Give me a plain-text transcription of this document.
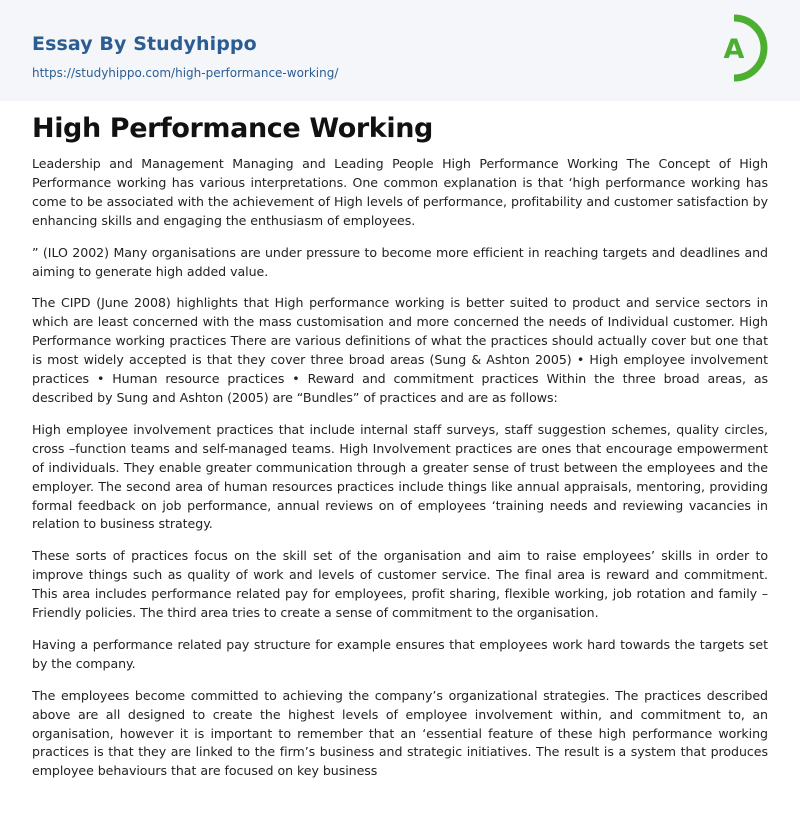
Essay By Studyhippo
https://studyhippo.com/high-performance-working/
A
High Performance Working

Leadership and Management Managing and Leading People High Performance Working The Concept of High Performance working has various interpretations. One common explanation is that ‘high performance working has come to be associated with the achievement of High levels of performance, profitability and customer satisfaction by enhancing skills and engaging the enthusiasm of employees.

” (ILO 2002) Many organisations are under pressure to become more efficient in reaching targets and deadlines and aiming to generate high added value.

The CIPD (June 2008) highlights that High performance working is better suited to product and service sectors in which are least concerned with the mass customisation and more concerned the needs of Individual customer. High Performance working practices There are various definitions of what the practices should actually cover but one that is most widely accepted is that they cover three broad areas (Sung & Ashton 2005) • High employee involvement practices • Human resource practices • Reward and commitment practices Within the three broad areas, as described by Sung and Ashton (2005) are “Bundles” of practices and are as follows:

High employee involvement practices that include internal staff surveys, staff suggestion schemes, quality circles, cross –function teams and self-managed teams. High Involvement practices are ones that encourage empowerment of individuals. They enable greater communication through a greater sense of trust between the employees and the employer. The second area of human resources practices include things like annual appraisals, mentoring, providing formal feedback on job performance, annual reviews on of employees ‘training needs and reviewing vacancies in relation to business strategy.

These sorts of practices focus on the skill set of the organisation and aim to raise employees’ skills in order to improve things such as quality of work and levels of customer service. The final area is reward and commitment. This area includes performance related pay for employees, profit sharing, flexible working, job rotation and family – Friendly policies. The third area tries to create a sense of commitment to the organisation.

Having a performance related pay structure for example ensures that employees work hard towards the targets set by the company.

The employees become committed to achieving the company’s organizational strategies. The practices described above are all designed to create the highest levels of employee involvement within, and commitment to, an organisation, however it is important to remember that an ‘essential feature of these high performance working practices is that they are linked to the firm’s business and strategic initiatives. The result is a system that produces employee behaviours that are focused on key business
